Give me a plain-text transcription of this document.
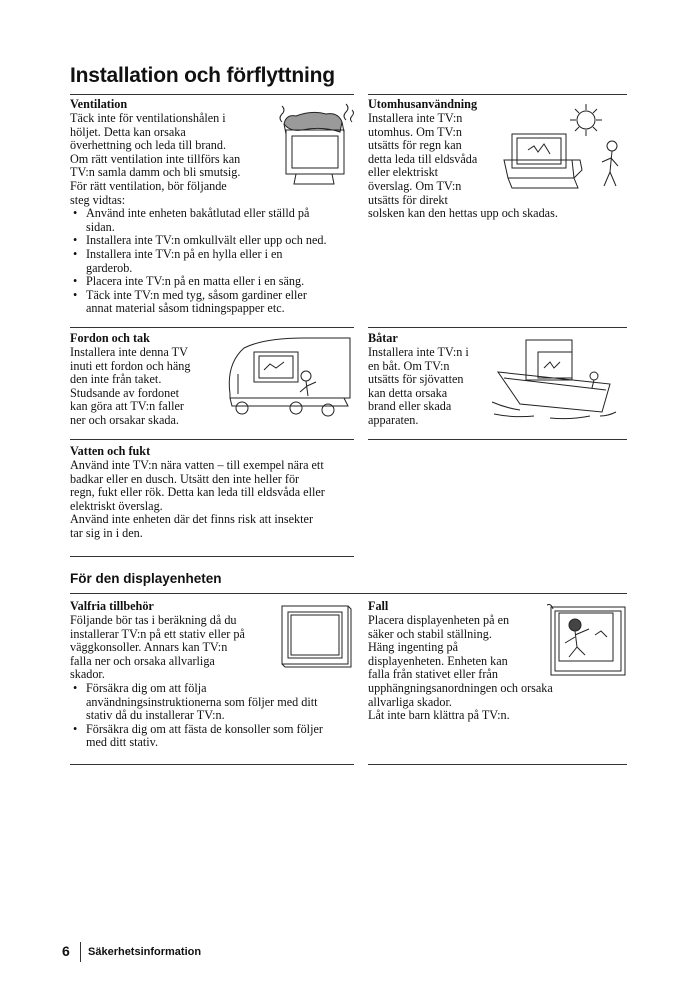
Installation och förflyttning
Ventilation

Täck inte för ventilationshålen i
höljet. Detta kan orsaka
överhettning och leda till brand.
Om rätt ventilation inte tillförs kan
TV:n samla damm och bli smutsig.
För rätt ventilation, bör följande
steg vidtas:

• Använd inte enheten bakåtlutad eller ställd på
sidan.
• Installera inte TV:n omkullvält eller upp och ned.
• Installera inte TV:n på en hylla eller i en
garderob.
• Placera inte TV:n på en matta eller i en säng.
• Täck inte TV:n med tyg, såsom gardiner eller
annat material såsom tidningspapper etc.
Utomhusanvändning

Installera inte TV:n
utomhus. Om TV:n
utsätts för regn kan
detta leda till eldsvåda
eller elektriskt
överslag. Om TV:n
utsätts för direkt
solsken kan den hettas upp och skadas.

Fordon och tak

Installera inte denna TV
inuti ett fordon och häng
den inte från taket.
Studsande av fordonet
kan göra att TV:n faller
ner och orsakar skada.

Båtar

Installera inte TV:n i
en båt. Om TV:n
utsätts för sjövatten
kan detta orsaka
brand eller skada
apparaten.

Vatten och fukt

Använd inte TV:n nära vatten – till exempel nära ett
badkar eller en dusch. Utsätt den inte heller för
regn, fukt eller rök. Detta kan leda till eldsvåda eller
elektriskt överslag.
Använd inte enheten där det finns risk att insekter
tar sig in i den.

För den displayenheten
Valfria tillbehör

Följande bör tas i beräkning då du
installerar TV:n på ett stativ eller på
väggkonsoller. Annars kan TV:n
falla ner och orsaka allvarliga
skador.

• Försäkra dig om att följa
användningsinstruktionerna som följer med ditt
stativ då du installerar TV:n.
• Försäkra dig om att fästa de konsoller som följer
med ditt stativ.
Fall

Placera displayenheten på en
säker och stabil ställning.
Häng ingenting på
displayenheten. Enheten kan
falla från stativet eller från
upphängningsanordningen och orsaka
allvarliga skador.
Låt inte barn klättra på TV:n.

6 Säkerhetsinformation
